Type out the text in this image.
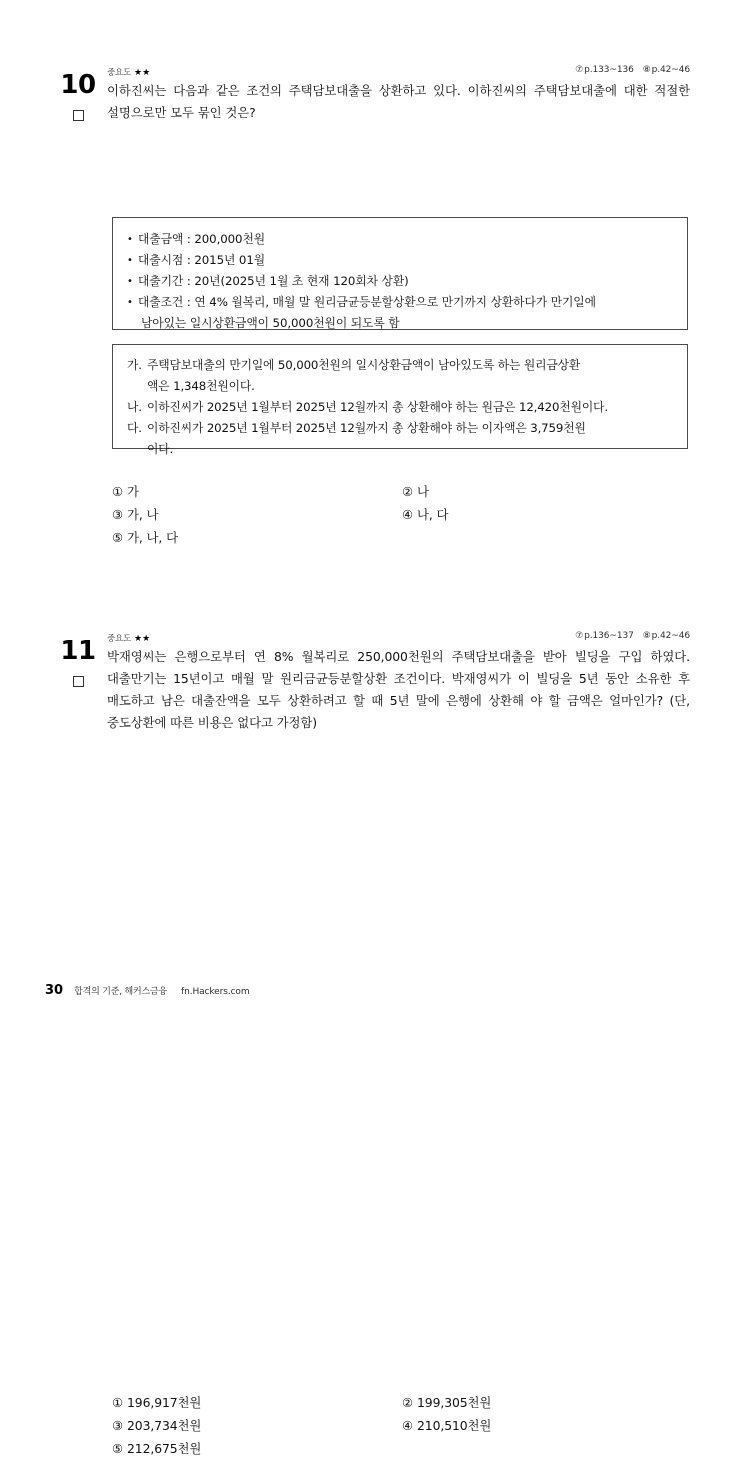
10	중요도 ★★	⑦p.133~136 ⑧p.42~46
이하진씨는 다음과 같은 조건의 주택담보대출을 상환하고 있다. 이하진씨의 주택담보대출에 대한 적절한 설명으로만 모두 묶인 것은?
• 대출금액 : 200,000천원
• 대출시점 : 2015년 01월
• 대출기간 : 20년(2025년 1월 초 현재 120회차 상환)
• 대출조건 : 연 4% 월복리, 매월 말 원리금균등분할상환으로 만기까지 상환하다가 만기일에
남아있는 일시상환금액이 50,000천원이 되도록 함
가. 주택담보대출의 만기일에 50,000천원의 일시상환금액이 남아있도록 하는 원리금상환
액은 1,348천원이다.
나. 이하진씨가 2025년 1월부터 2025년 12월까지 총 상환해야 하는 원금은 12,420천원이다.
다. 이하진씨가 2025년 1월부터 2025년 12월까지 총 상환해야 하는 이자액은 3,759천원
이다.
① 가	② 나
③ 가, 나	④ 나, 다
⑤ 가, 나, 다
11	중요도 ★★	⑦p.136~137 ⑧p.42~46
박재영씨는 은행으로부터 연 8% 월복리로 250,000천원의 주택담보대출을 받아 빌딩을 구입 하였다. 대출만기는 15년이고 매월 말 원리금균등분할상환 조건이다. 박재영씨가 이 빌딩을 5년 동안 소유한 후 매도하고 남은 대출잔액을 모두 상환하려고 할 때 5년 말에 은행에 상환해 야 할 금액은 얼마인가? (단, 중도상환에 따른 비용은 없다고 가정함)
① 196,917천원	② 199,305천원
③ 203,734천원	④ 210,510천원
⑤ 212,675천원
30 합격의 기준, 해커스금융 fn.Hackers.com
